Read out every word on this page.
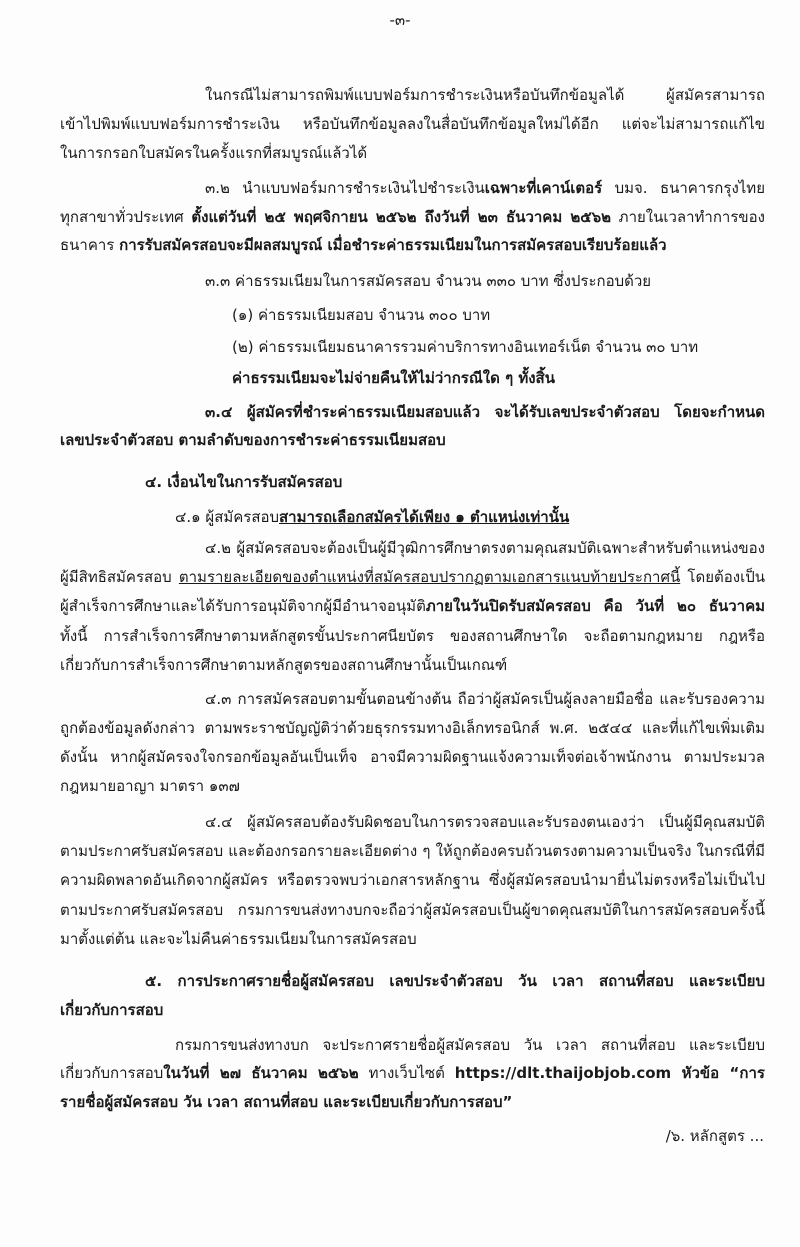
-๓-
ในกรณีไม่สามารถพิมพ์แบบฟอร์มการชำระเงินหรือบันทึกข้อมูลได้ ผู้สมัครสามารถ
เข้าไปพิมพ์แบบฟอร์มการชำระเงิน หรือบันทึกข้อมูลลงในสื่อบันทึกข้อมูลใหม่ได้อีก แต่จะไม่สามารถแก้ไข
ในการกรอกใบสมัครในครั้งแรกที่สมบูรณ์แล้วได้
๓.๒ นำแบบฟอร์มการชำระเงินไปชำระเงินเฉพาะที่เคาน์เตอร์ บมจ. ธนาคารกรุงไทย
ทุกสาขาทั่วประเทศ ตั้งแต่วันที่ ๒๕ พฤศจิกายน ๒๕๖๒ ถึงวันที่ ๒๓ ธันวาคม ๒๕๖๒ ภายในเวลาทำการของ
ธนาคาร การรับสมัครสอบจะมีผลสมบูรณ์ เมื่อชำระค่าธรรมเนียมในการสมัครสอบเรียบร้อยแล้ว
๓.๓ ค่าธรรมเนียมในการสมัครสอบ จำนวน ๓๓๐ บาท ซึ่งประกอบด้วย
(๑) ค่าธรรมเนียมสอบ จำนวน ๓๐๐ บาท
(๒) ค่าธรรมเนียมธนาคารรวมค่าบริการทางอินเทอร์เน็ต จำนวน ๓๐ บาท
ค่าธรรมเนียมจะไม่จ่ายคืนให้ไม่ว่ากรณีใด ๆ ทั้งสิ้น
๓.๔ ผู้สมัครที่ชำระค่าธรรมเนียมสอบแล้ว จะได้รับเลขประจำตัวสอบ โดยจะกำหนด
เลขประจำตัวสอบ ตามลำดับของการชำระค่าธรรมเนียมสอบ
๔. เงื่อนไขในการรับสมัครสอบ
๔.๑ ผู้สมัครสอบสามารถเลือกสมัครได้เพียง ๑ ตำแหน่งเท่านั้น
๔.๒ ผู้สมัครสอบจะต้องเป็นผู้มีวุฒิการศึกษาตรงตามคุณสมบัติเฉพาะสำหรับตำแหน่งของ
ผู้มีสิทธิสมัครสอบ ตามรายละเอียดของตำแหน่งที่สมัครสอบปรากฏตามเอกสารแนบท้ายประกาศนี้ โดยต้องเป็น
ผู้สำเร็จการศึกษาและได้รับการอนุมัติจากผู้มีอำนาจอนุมัติภายในวันปิดรับสมัครสอบ คือ วันที่ ๒๐ ธันวาคม
ทั้งนี้ การสำเร็จการศึกษาตามหลักสูตรขั้นประกาศนียบัตร ของสถานศึกษาใด จะถือตามกฎหมาย กฎหรือ
เกี่ยวกับการสำเร็จการศึกษาตามหลักสูตรของสถานศึกษานั้นเป็นเกณฑ์
๔.๓ การสมัครสอบตามขั้นตอนข้างต้น ถือว่าผู้สมัครเป็นผู้ลงลายมือชื่อ และรับรองความ
ถูกต้องข้อมูลดังกล่าว ตามพระราชบัญญัติว่าด้วยธุรกรรมทางอิเล็กทรอนิกส์ พ.ศ. ๒๕๔๔ และที่แก้ไขเพิ่มเติม
ดังนั้น หากผู้สมัครจงใจกรอกข้อมูลอันเป็นเท็จ อาจมีความผิดฐานแจ้งความเท็จต่อเจ้าพนักงาน ตามประมวล
กฎหมายอาญา มาตรา ๑๓๗
๔.๔ ผู้สมัครสอบต้องรับผิดชอบในการตรวจสอบและรับรองตนเองว่า เป็นผู้มีคุณสมบัติ
ตามประกาศรับสมัครสอบ และต้องกรอกรายละเอียดต่าง ๆ ให้ถูกต้องครบถ้วนตรงตามความเป็นจริง ในกรณีที่มี
ความผิดพลาดอันเกิดจากผู้สมัคร หรือตรวจพบว่าเอกสารหลักฐาน ซึ่งผู้สมัครสอบนำมายื่นไม่ตรงหรือไม่เป็นไป
ตามประกาศรับสมัครสอบ กรมการขนส่งทางบกจะถือว่าผู้สมัครสอบเป็นผู้ขาดคุณสมบัติในการสมัครสอบครั้งนี้
มาตั้งแต่ต้น และจะไม่คืนค่าธรรมเนียมในการสมัครสอบ
๕. การประกาศรายชื่อผู้สมัครสอบ เลขประจำตัวสอบ วัน เวลา สถานที่สอบ และระเบียบ
เกี่ยวกับการสอบ
กรมการขนส่งทางบก จะประกาศรายชื่อผู้สมัครสอบ วัน เวลา สถานที่สอบ และระเบียบ
เกี่ยวกับการสอบในวันที่ ๒๗ ธันวาคม ๒๕๖๒ ทางเว็บไซต์ https://dlt.thaijobjob.com หัวข้อ “การ
รายชื่อผู้สมัครสอบ วัน เวลา สถานที่สอบ และระเบียบเกี่ยวกับการสอบ”
/๖. หลักสูตร ...
